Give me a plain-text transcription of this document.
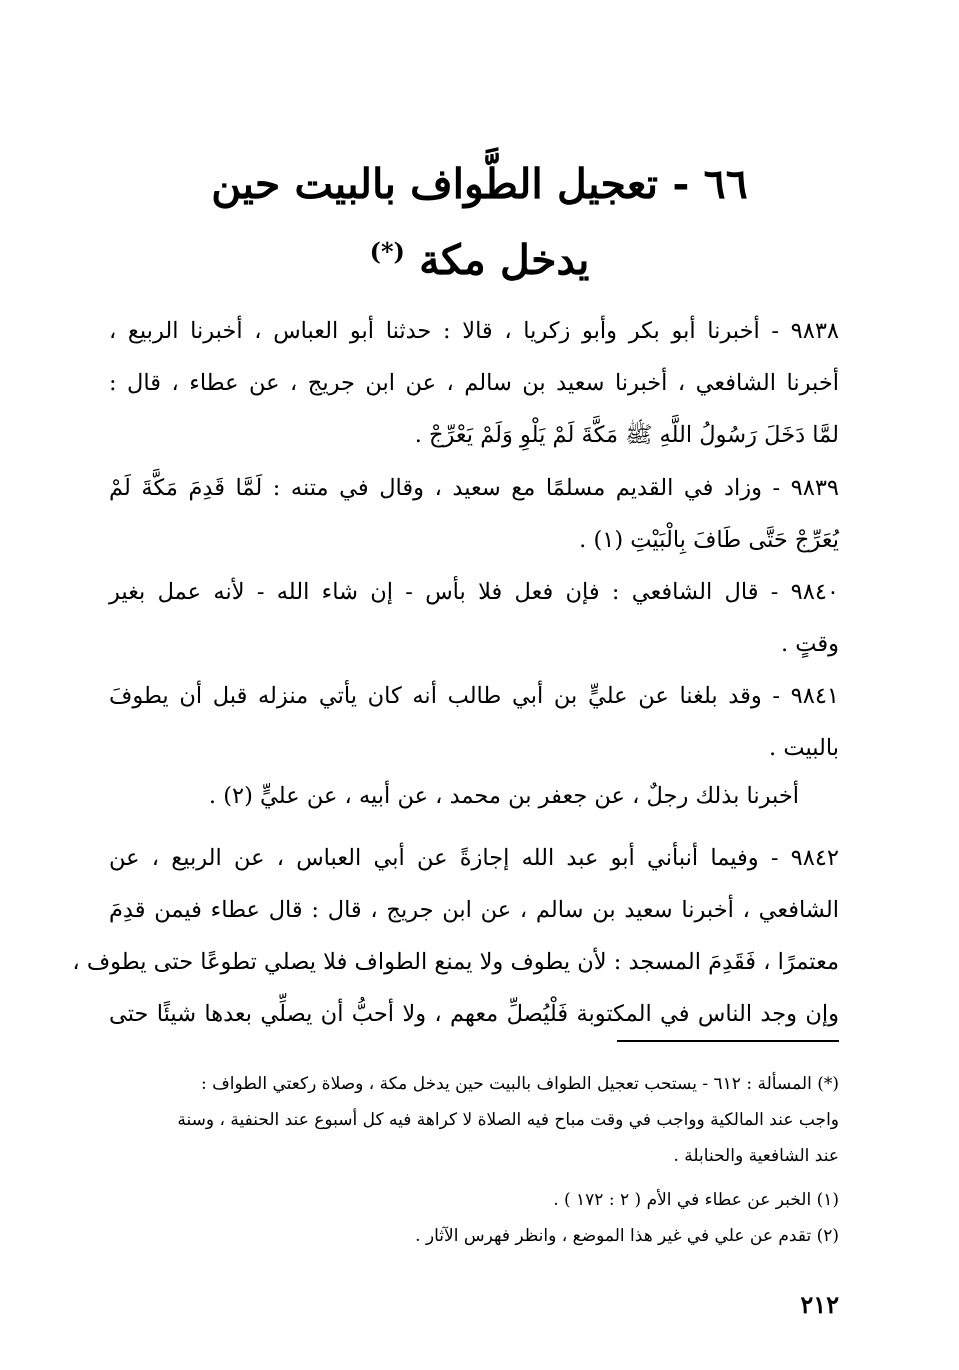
٦٦ - تعجيل الطَّواف بالبيت حين
يدخل مكة (*)
٩٨٣٨ - أخبرنا أبو بكر وأبو زكريا ، قالا : حدثنا أبو العباس ، أخبرنا الربيع ،
أخبرنا الشافعي ، أخبرنا سعيد بن سالم ، عن ابن جريج ، عن عطاء ، قال :
لمَّا دَخَلَ رَسُولُ اللَّهِ ﷺ مَكَّةَ لَمْ يَلْوِ وَلَمْ يَعْرِّجْ .
٩٨٣٩ - وزاد في القديم مسلمًا مع سعيد ، وقال في متنه : لَمَّا قَدِمَ مَكَّةَ لَمْ
يُعَرِّجْ حَتَّى طَافَ بِالْبَيْتِ (١) .
٩٨٤٠ - قال الشافعي : فإن فعل فلا بأس - إن شاء الله - لأنه عمل بغير
وقتٍ .
٩٨٤١ - وقد بلغنا عن عليٍّ بن أبي طالب أنه كان يأتي منزله قبل أن يطوفَ
بالبيت .
أخبرنا بذلك رجلٌ ، عن جعفر بن محمد ، عن أبيه ، عن عليٍّ (٢) .
٩٨٤٢ - وفيما أنبأني أبو عبد الله إجازةً عن أبي العباس ، عن الربيع ، عن
الشافعي ، أخبرنا سعيد بن سالم ، عن ابن جريج ، قال : قال عطاء فيمن قدِمَ
معتمرًا ، فَقَدِمَ المسجد : لأن يطوف ولا يمنع الطواف فلا يصلي تطوعًا حتى يطوف ،
وإن وجد الناس في المكتوبة فَلْيُصلِّ معهم ، ولا أحبُّ أن يصلِّي بعدها شيئًا حتى
(*) المسألة : ٦١٢ - يستحب تعجيل الطواف بالبيت حين يدخل مكة ، وصلاة ركعتي الطواف :
واجب عند المالكية وواجب في وقت مباح فيه الصلاة لا كراهة فيه كل أسبوع عند الحنفية ، وسنة
عند الشافعية والحنابلة .
(١) الخبر عن عطاء في الأم ( ٢ : ١٧٢ ) .
(٢) تقدم عن علي في غير هذا الموضع ، وانظر فهرس الآثار .
٢١٢
